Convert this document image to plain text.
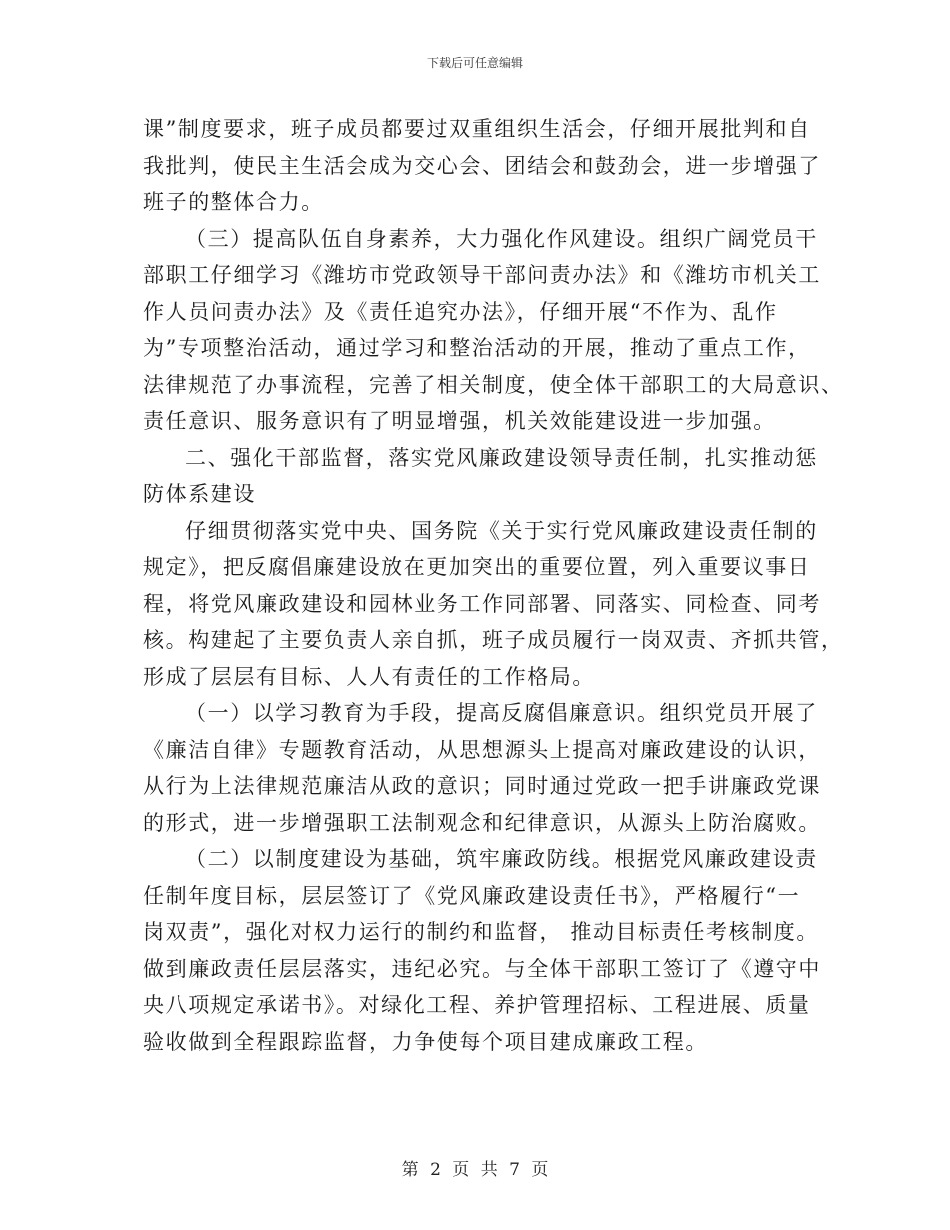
下载后可任意编辑
课”制度要求，班子成员都要过双重组织生活会，仔细开展批判和自
我批判，使民主生活会成为交心会、团结会和鼓劲会，进一步增强了
班子的整体合力。
（三）提高队伍自身素养，大力强化作风建设。组织广阔党员干
部职工仔细学习《潍坊市党政领导干部问责办法》和《潍坊市机关工
作人员问责办法》及《责任追究办法》，仔细开展“不作为、乱作
为”专项整治活动，通过学习和整治活动的开展，推动了重点工作，
法律规范了办事流程，完善了相关制度，使全体干部职工的大局意识、
责任意识、服务意识有了明显增强，机关效能建设进一步加强。
二、强化干部监督，落实党风廉政建设领导责任制，扎实推动惩
防体系建设
仔细贯彻落实党中央、国务院《关于实行党风廉政建设责任制的
规定》，把反腐倡廉建设放在更加突出的重要位置，列入重要议事日
程，将党风廉政建设和园林业务工作同部署、同落实、同检查、同考
核。构建起了主要负责人亲自抓，班子成员履行一岗双责、齐抓共管，
形成了层层有目标、人人有责任的工作格局。
（一）以学习教育为手段，提高反腐倡廉意识。组织党员开展了
《廉洁自律》专题教育活动，从思想源头上提高对廉政建设的认识，
从行为上法律规范廉洁从政的意识；同时通过党政一把手讲廉政党课
的形式，进一步增强职工法制观念和纪律意识，从源头上防治腐败。
（二）以制度建设为基础，筑牢廉政防线。根据党风廉政建设责
任制年度目标，层层签订了《党风廉政建设责任书》，严格履行“一
岗双责”，强化对权力运行的制约和监督， 推动目标责任考核制度。
做到廉政责任层层落实，违纪必究。与全体干部职工签订了《遵守中
央八项规定承诺书》。对绿化工程、养护管理招标、工程进展、质量
验收做到全程跟踪监督，力争使每个项目建成廉政工程。
第 2 页 共 7 页
